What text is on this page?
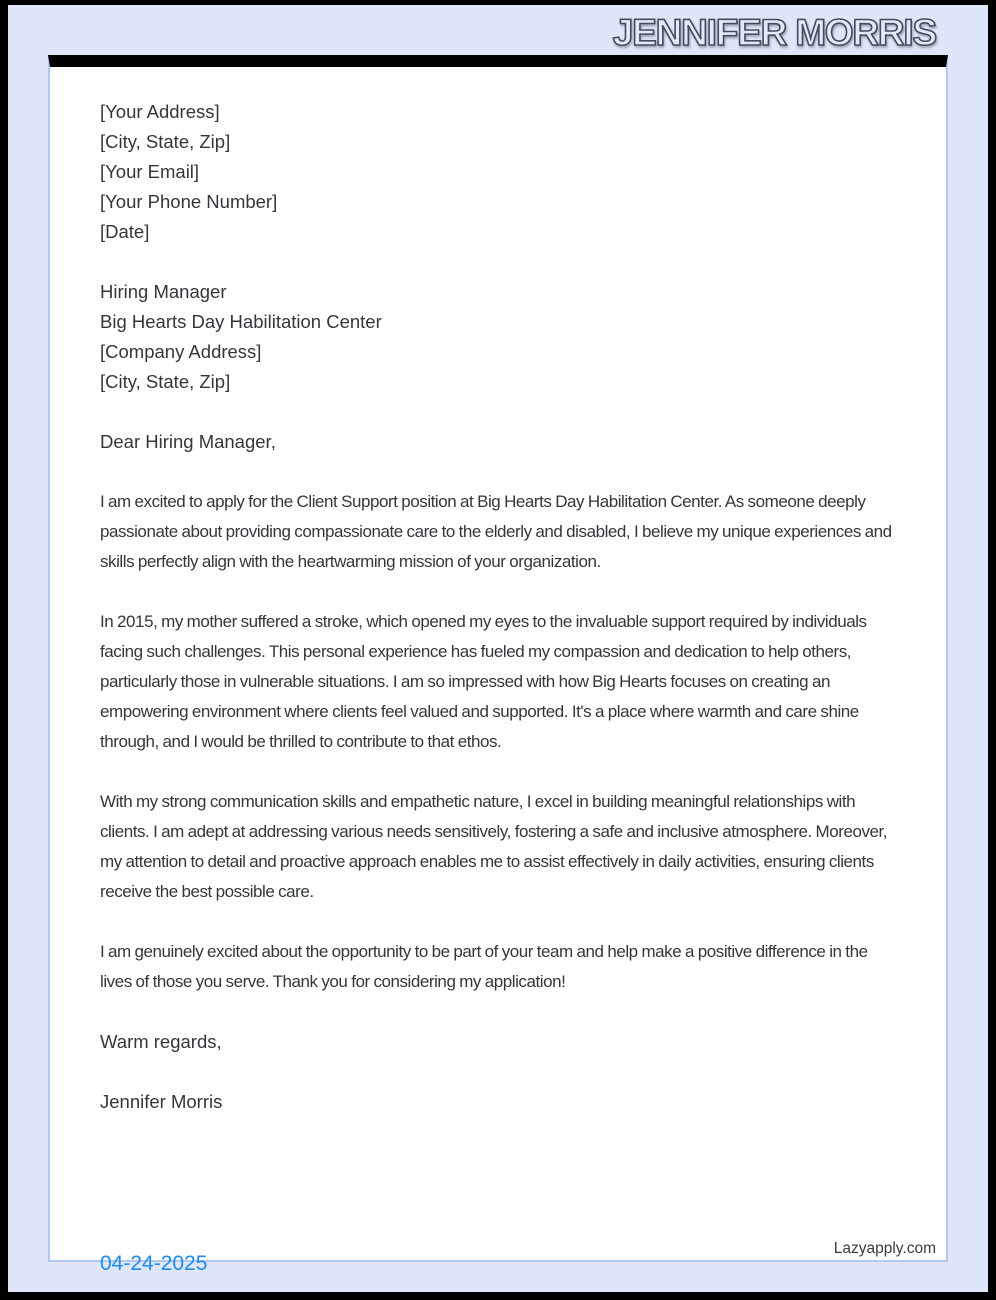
JENNIFER MORRIS
[Your Address]
[City, State, Zip]
[Your Email]
[Your Phone Number]
[Date]
Hiring Manager
Big Hearts Day Habilitation Center
[Company Address]
[City, State, Zip]

Dear Hiring Manager,

I am excited to apply for the Client Support position at Big Hearts Day Habilitation Center. As someone deeply passionate about providing compassionate care to the elderly and disabled, I believe my unique experiences and skills perfectly align with the heartwarming mission of your organization.

In 2015, my mother suffered a stroke, which opened my eyes to the invaluable support required by individuals facing such challenges. This personal experience has fueled my compassion and dedication to help others, particularly those in vulnerable situations. I am so impressed with how Big Hearts focuses on creating an empowering environment where clients feel valued and supported. It's a place where warmth and care shine through, and I would be thrilled to contribute to that ethos.

With my strong communication skills and empathetic nature, I excel in building meaningful relationships with clients. I am adept at addressing various needs sensitively, fostering a safe and inclusive atmosphere. Moreover, my attention to detail and proactive approach enables me to assist effectively in daily activities, ensuring clients receive the best possible care.

I am genuinely excited about the opportunity to be part of your team and help make a positive difference in the lives of those you serve. Thank you for considering my application!

Warm regards,

Jennifer Morris

04-24-2025
Lazyapply.com
